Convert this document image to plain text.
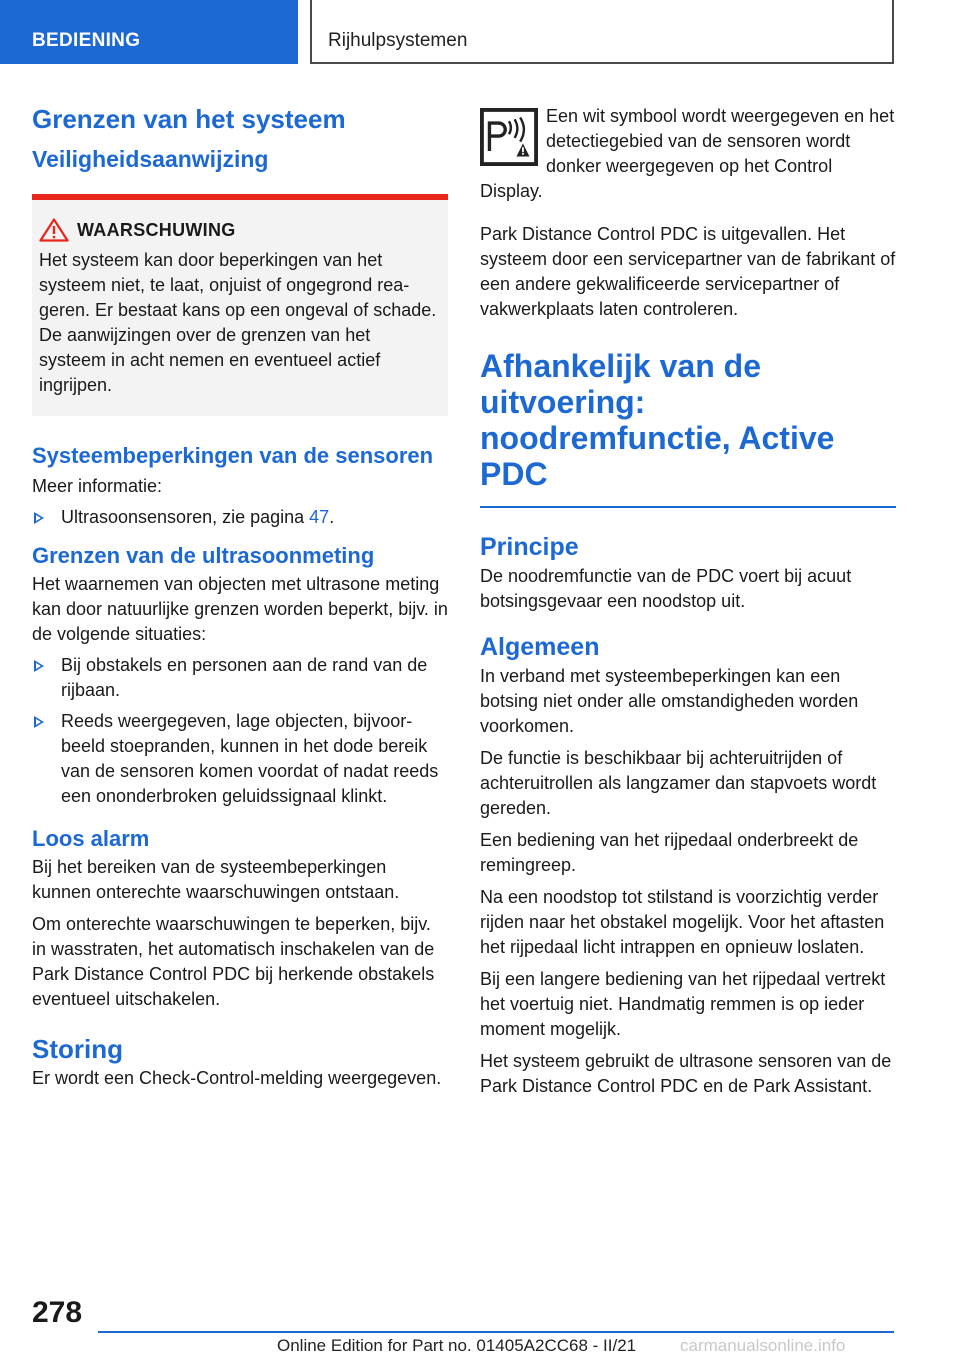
BEDIENING	Rijhulpsystemen
Grenzen van het systeem
Veiligheidsaanwijzing
WAARSCHUWING

Het systeem kan door beperkingen van het systeem niet, te laat, onjuist of ongegrond reageren. Er bestaat kans op een ongeval of schade. De aanwijzingen over de grenzen van het systeem in acht nemen en eventueel actief ingrijpen.

Systeembeperkingen van de sensoren

Meer informatie:

Ultrasoonsensoren, zie pagina 47.
Grenzen van de ultrasoonmeting

Het waarnemen van objecten met ultrasone meting kan door natuurlijke grenzen worden beperkt, bijv. in de volgende situaties:

Bij obstakels en personen aan de rand van de rijbaan.
Reeds weergegeven, lage objecten, bijvoorbeeld stoepranden, kunnen in het dode bereik van de sensoren komen voordat of nadat reeds een ononderbroken geluidssignaal klinkt.
Loos alarm

Bij het bereiken van de systeembeperkingen kunnen onterechte waarschuwingen ontstaan.

Om onterechte waarschuwingen te beperken, bijv. in wasstraten, het automatisch inschakelen van de Park Distance Control PDC bij herkende obstakels eventueel uitschakelen.

Storing

Er wordt een Check-Control-melding weergegeven.

Een wit symbool wordt weergegeven en het detectiegebied van de sensoren wordt donker weergegeven op het Control Display.

Park Distance Control PDC is uitgevallen. Het systeem door een servicepartner van de fabrikant of een andere gekwalificeerde servicepartner of vakwerkplaats laten controleren.

Afhankelijk van de uitvoering: noodremfunctie, Active PDC
Principe

De noodremfunctie van de PDC voert bij acuut botsingsgevaar een noodstop uit.

Algemeen

In verband met systeembeperkingen kan een botsing niet onder alle omstandigheden worden voorkomen.

De functie is beschikbaar bij achteruitrijden of achteruitrollen als langzamer dan stapvoets wordt gereden.

Een bediening van het rijpedaal onderbreekt de remingreep.

Na een noodstop tot stilstand is voorzichtig verder rijden naar het obstakel mogelijk. Voor het aftasten het rijpedaal licht intrappen en opnieuw loslaten.

Bij een langere bediening van het rijpedaal vertrekt het voertuig niet. Handmatig remmen is op ieder moment mogelijk.

Het systeem gebruikt de ultrasone sensoren van de Park Distance Control PDC en de Park Assistant.

278
Online Edition for Part no. 01405A2CC68 - II/21	carmanualsonline.info
